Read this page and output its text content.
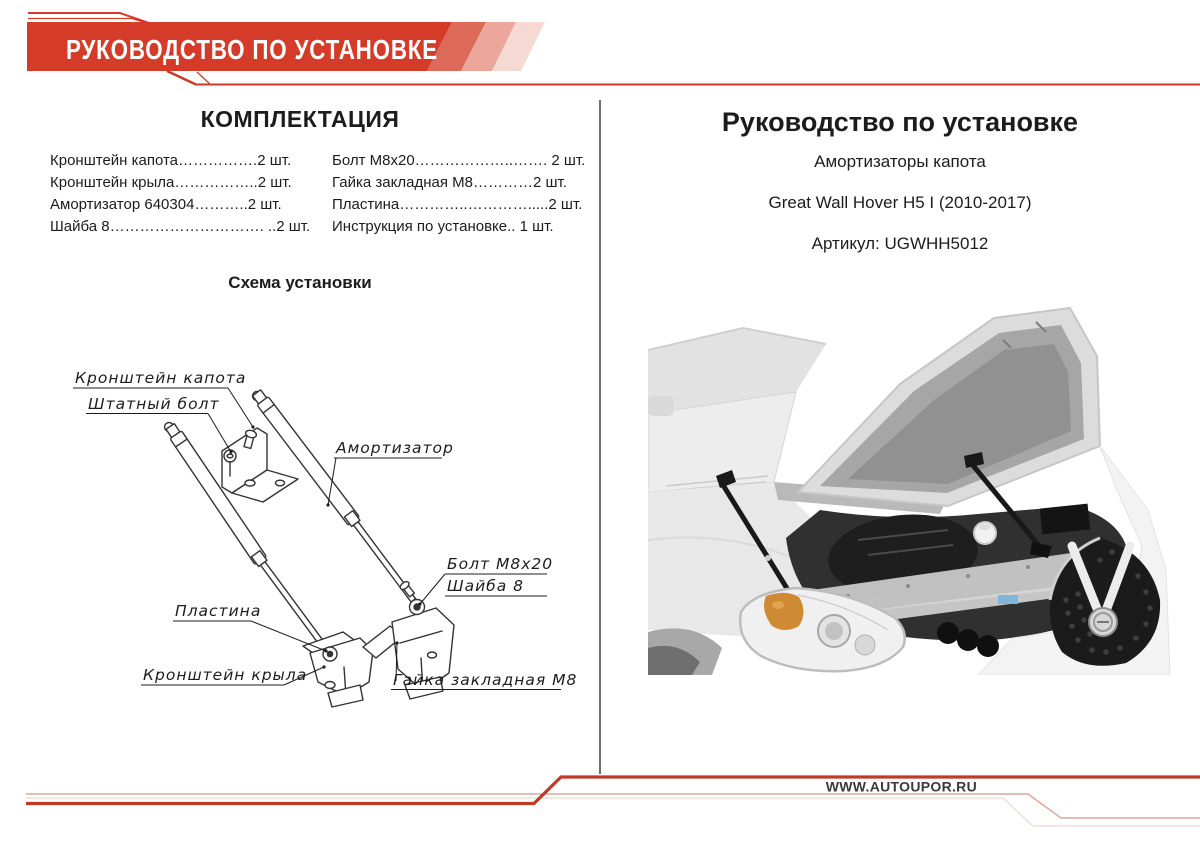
РУКОВОДСТВО ПО УСТАНОВКЕ
КОМПЛЕКТАЦИЯ
Кронштейн капота…………….2 шт.
Кронштейн крыла……………..2 шт.
Амортизатор 640304………..2 шт.
Шайба 8…………………………. ..2 шт.
Болт М8х20………………..……. 2 шт.
Гайка закладная М8…………2 шт.
Пластина…………..………….....2 шт.
Инструкция по установке.. 1 шт.
Схема установки
Кронштейн капота
Штатный болт
Амортизатор
Болт М8х20
Шайба 8
Пластина
Кронштейн крыла	Гайка закладная М8
Руководство по установке

Амортизаторы капота

Great Wall Hover H5 I (2010-2017)

Артикул: UGWHH5012

WWW.AUTOUPOR.RU
